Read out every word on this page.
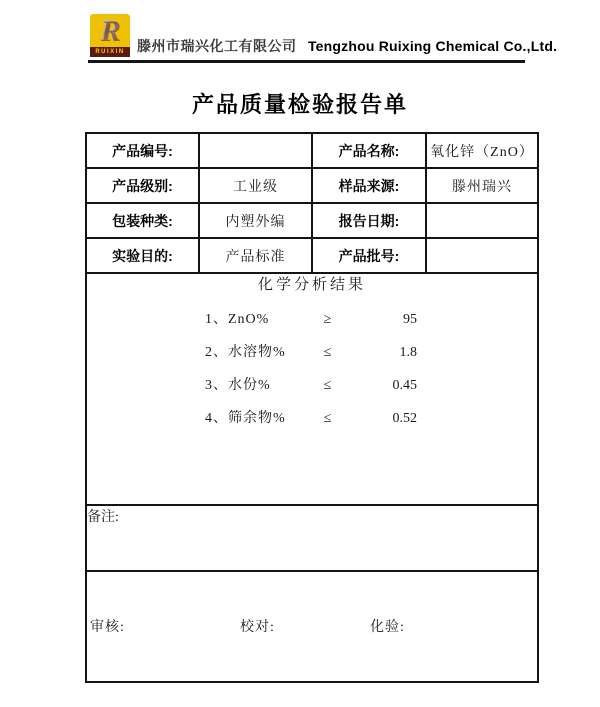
R
RUIXIN 滕州市瑞兴化工有限公司 Tengzhou Ruixing Chemical Co.,Ltd.
产品质量检验报告单
产品编号:		产品名称:	氧化锌（ZnO）
产品级别:	工业级	样品来源:	滕州瑞兴
包装种类:	内塑外编	报告日期:	
实验目的:	产品标准	产品批号:	

化学分析结果
1、ZnO%	≥	95
2、水溶物%	≤	1.8
3、水份%	≤	0.45
4、筛余物%	≤	0.52

备注:			

审核: 校对: 化验:			
